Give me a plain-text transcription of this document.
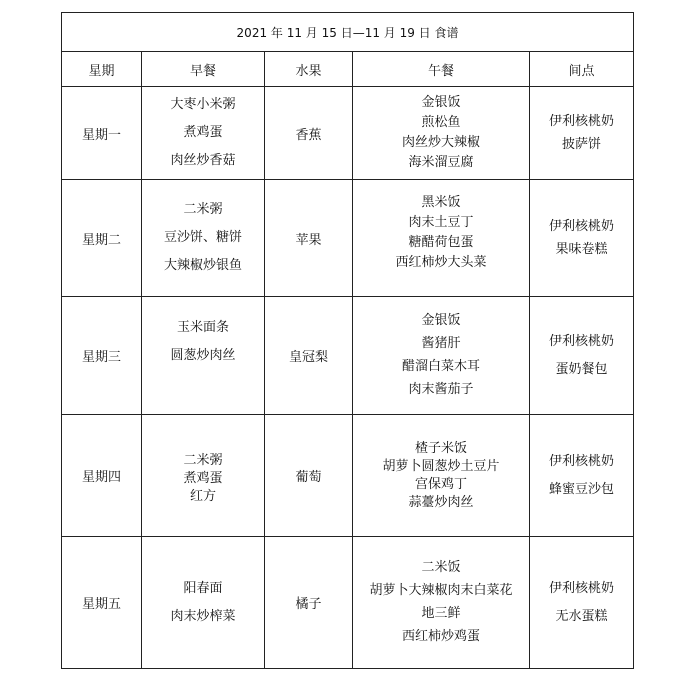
2021 年 11 月 15 日—11 月 19 日 食谱				
星期	早餐	水果	午餐	间点
星期一	大枣小米粥
煮鸡蛋
肉丝炒香菇	香蕉	金银饭
煎松鱼
肉丝炒大辣椒
海米溜豆腐	伊利核桃奶
披萨饼

星期二	二米粥
豆沙饼、糖饼
大辣椒炒银鱼	苹果	黑米饭
肉末土豆丁
糖醋荷包蛋
西红柿炒大头菜	伊利核桃奶
果味卷糕

星期三	玉米面条
圆葱炒肉丝	皇冠梨	金银饭
酱猪肝
醋溜白菜木耳
肉末酱茄子	伊利核桃奶
蛋奶餐包

星期四	二米粥
煮鸡蛋
红方	葡萄	楂子米饭
胡萝卜圆葱炒土豆片
宫保鸡丁
蒜薹炒肉丝	伊利核桃奶
蜂蜜豆沙包

星期五	阳春面
肉末炒榨菜	橘子	二米饭
胡萝卜大辣椒肉末白菜花
地三鲜
西红柿炒鸡蛋	伊利核桃奶
无水蛋糕
